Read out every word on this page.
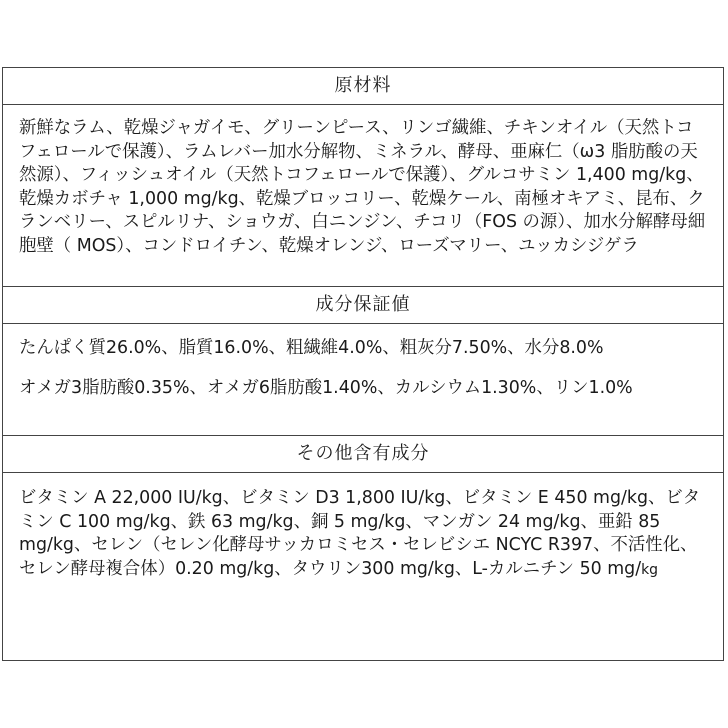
原材料

新鮮なラム、乾燥ジャガイモ、グリーンピース、リンゴ繊維、チキンオイル（天然トコフェロールで保護）、ラムレバー加水分解物、ミネラル、酵母、亜麻仁（ω3 脂肪酸の天然源）、フィッシュオイル（天然トコフェロールで保護）、グルコサミン 1,400 mg/kg、乾燥カボチャ 1,000 mg/kg、乾燥ブロッコリー、乾燥ケール、南極オキアミ、昆布、クランベリー、スピルリナ、ショウガ、白ニンジン、チコリ（FOS の源）、加水分解酵母細胞壁（ MOS）、コンドロイチン、乾燥オレンジ、ローズマリー、ユッカシジゲラ

成分保証値

たんぱく質26.0%、脂質16.0%、粗繊維4.0%、粗灰分7.50%、水分8.0%

オメガ3脂肪酸0.35%、オメガ6脂肪酸1.40%、カルシウム1.30%、リン1.0%

その他含有成分

ビタミン A 22,000 IU/kg、ビタミン D3 1,800 IU/kg、ビタミン E 450 mg/kg、ビタミン C 100 mg/kg、鉄 63 mg/kg、銅 5 mg/kg、マンガン 24 mg/kg、亜鉛 85 mg/kg、セレン（セレン化酵母サッカロミセス・セレビシエ NCYC R397、不活性化、セレン酵母複合体）0.20 mg/kg、タウリン300 mg/kg、L-カルニチン 50 mg/kg
